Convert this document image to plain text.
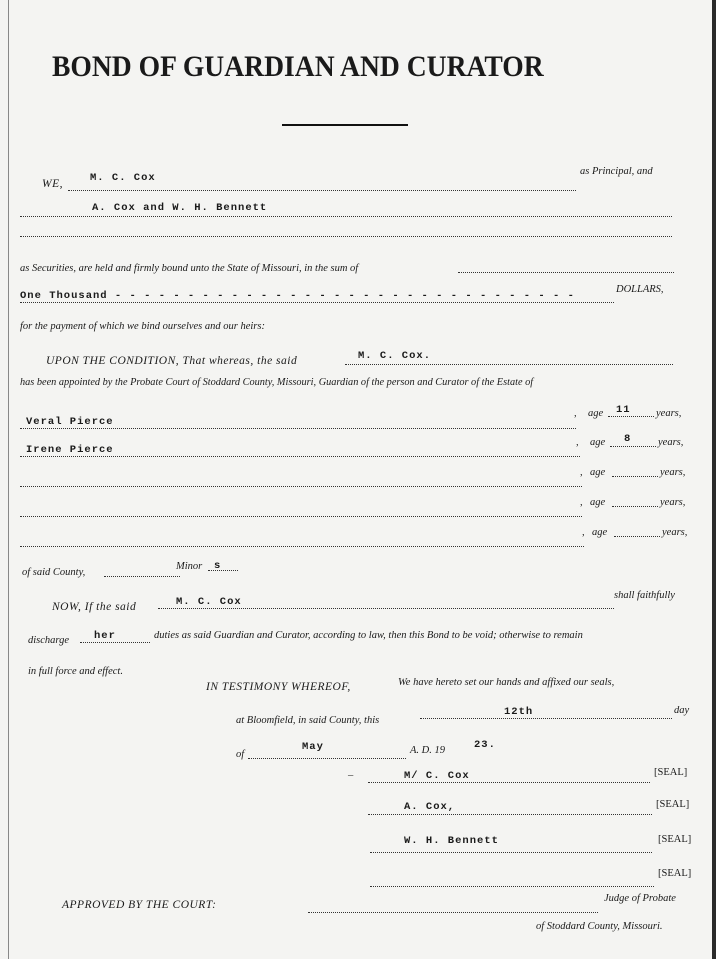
BOND OF GUARDIAN AND CURATOR
WE,	M. C. Cox
as Principal, and
A. Cox and W. H. Bennett
as Securities, are held and firmly bound unto the State of Missouri, in the sum of
One Thousand - - - - - - - - - - - - - - - - - - - - - - - - - - - - - - - -
DOLLARS,
for the payment of which we bind ourselves and our heirs:
UPON THE CONDITION, That whereas, the said	M. C. Cox.
has been appointed by the Probate Court of Stoddard County, Missouri, Guardian of the person and Curator of the Estate of
Veral Pierce
, age 11 years,
Irene Pierce
, age 8	years,
, age	years,
, age	years,
, age	years,
of said County,
Minor s
NOW, If the said	M. C. Cox
shall faithfully
discharge her	duties as said Guardian and Curator, according to law, then this Bond to be void; otherwise to remain
in full force and effect.
IN TESTIMONY WHEREOF,	We have hereto set our hands and affixed our seals,
at Bloomfield, in said County, this
12th	day
of
May	A. D. 19	23.
–	M/ C. Cox	[SEAL]
A. Cox,	[SEAL]
W. H. Bennett	[SEAL]
[SEAL]
APPROVED BY THE COURT:
Judge of Probate
of Stoddard County, Missouri.
